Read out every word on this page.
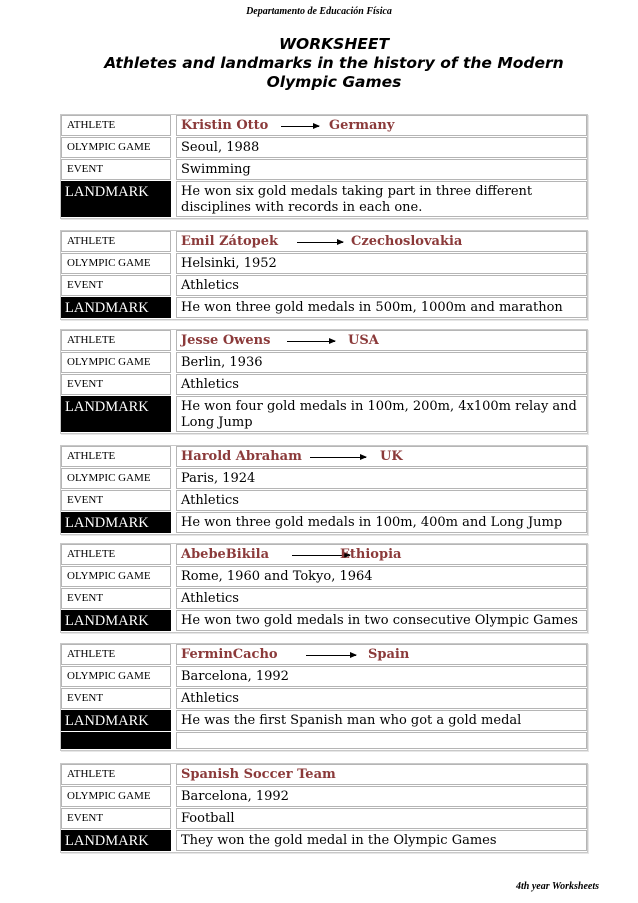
Departamento de Educación Física
WORKSHEET
Athletes and landmarks in the history of the Modern
Olympic Games
ATHLETE	Kristin Otto	Germany
OLYMPIC GAME	Seoul, 1988
EVENT	Swimming
LANDMARK	He won six gold medals taking part in three different disciplines with records in each one.
ATHLETE	Emil Zátopek	Czechoslovakia
OLYMPIC GAME	Helsinki, 1952
EVENT	Athletics
LANDMARK	He won three gold medals in 500m, 1000m and marathon
ATHLETE	Jesse Owens	USA
OLYMPIC GAME	Berlin, 1936
EVENT	Athletics
LANDMARK	He won four gold medals in 100m, 200m, 4x100m relay and Long Jump
ATHLETE	Harold Abraham	UK
OLYMPIC GAME	Paris, 1924
EVENT	Athletics
LANDMARK	He won three gold medals in 100m, 400m and Long Jump
ATHLETE	AbebeBikila	Ethiopia
OLYMPIC GAME	Rome, 1960 and Tokyo, 1964
EVENT	Athletics
LANDMARK	He won two gold medals in two consecutive Olympic Games
ATHLETE	FerminCacho	Spain
OLYMPIC GAME	Barcelona, 1992
EVENT	Athletics
LANDMARK	He was the first Spanish man who got a gold medal
ATHLETE	Spanish Soccer Team
OLYMPIC GAME	Barcelona, 1992
EVENT	Football
LANDMARK	They won the gold medal in the Olympic Games
4th year Worksheets
